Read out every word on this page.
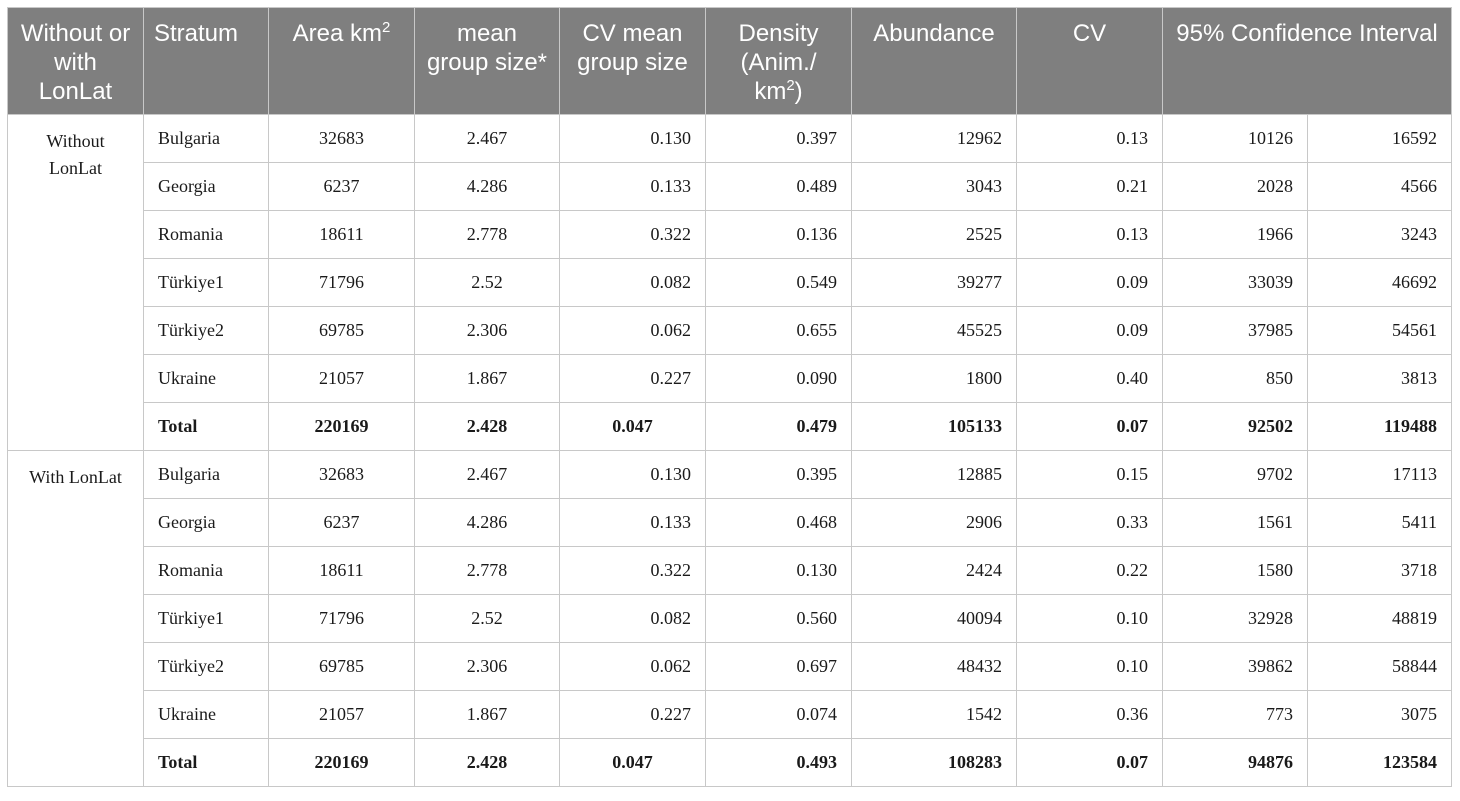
Without or with LonLat	Stratum	Area $km^2$	mean group size*	CV mean group size	Density (Anim./ $km^2$)	Abundance	CV	95% Confidence Interval	
Without LonLat	Bulgaria	32683	2.467	0.130	0.397	12962	0.13	10126	16592
	Georgia	6237	4.286	0.133	0.489	3043	0.21	2028	4566
	Romania	18611	2.778	0.322	0.136	2525	0.13	1966	3243
	Türkiye1	71796	2.52	0.082	0.549	39277	0.09	33039	46692
	Türkiye2	69785	2.306	0.062	0.655	45525	0.09	37985	54561
	Ukraine	21057	1.867	0.227	0.090	1800	0.40	850	3813
	Total	220169	2.428	0.047	0.479	105133	0.07	92502	119488
With LonLat	Bulgaria	32683	2.467	0.130	0.395	12885	0.15	9702	17113
	Georgia	6237	4.286	0.133	0.468	2906	0.33	1561	5411
	Romania	18611	2.778	0.322	0.130	2424	0.22	1580	3718
	Türkiye1	71796	2.52	0.082	0.560	40094	0.10	32928	48819
	Türkiye2	69785	2.306	0.062	0.697	48432	0.10	39862	58844
	Ukraine	21057	1.867	0.227	0.074	1542	0.36	773	3075
	Total	220169	2.428	0.047	0.493	108283	0.07	94876	123584
